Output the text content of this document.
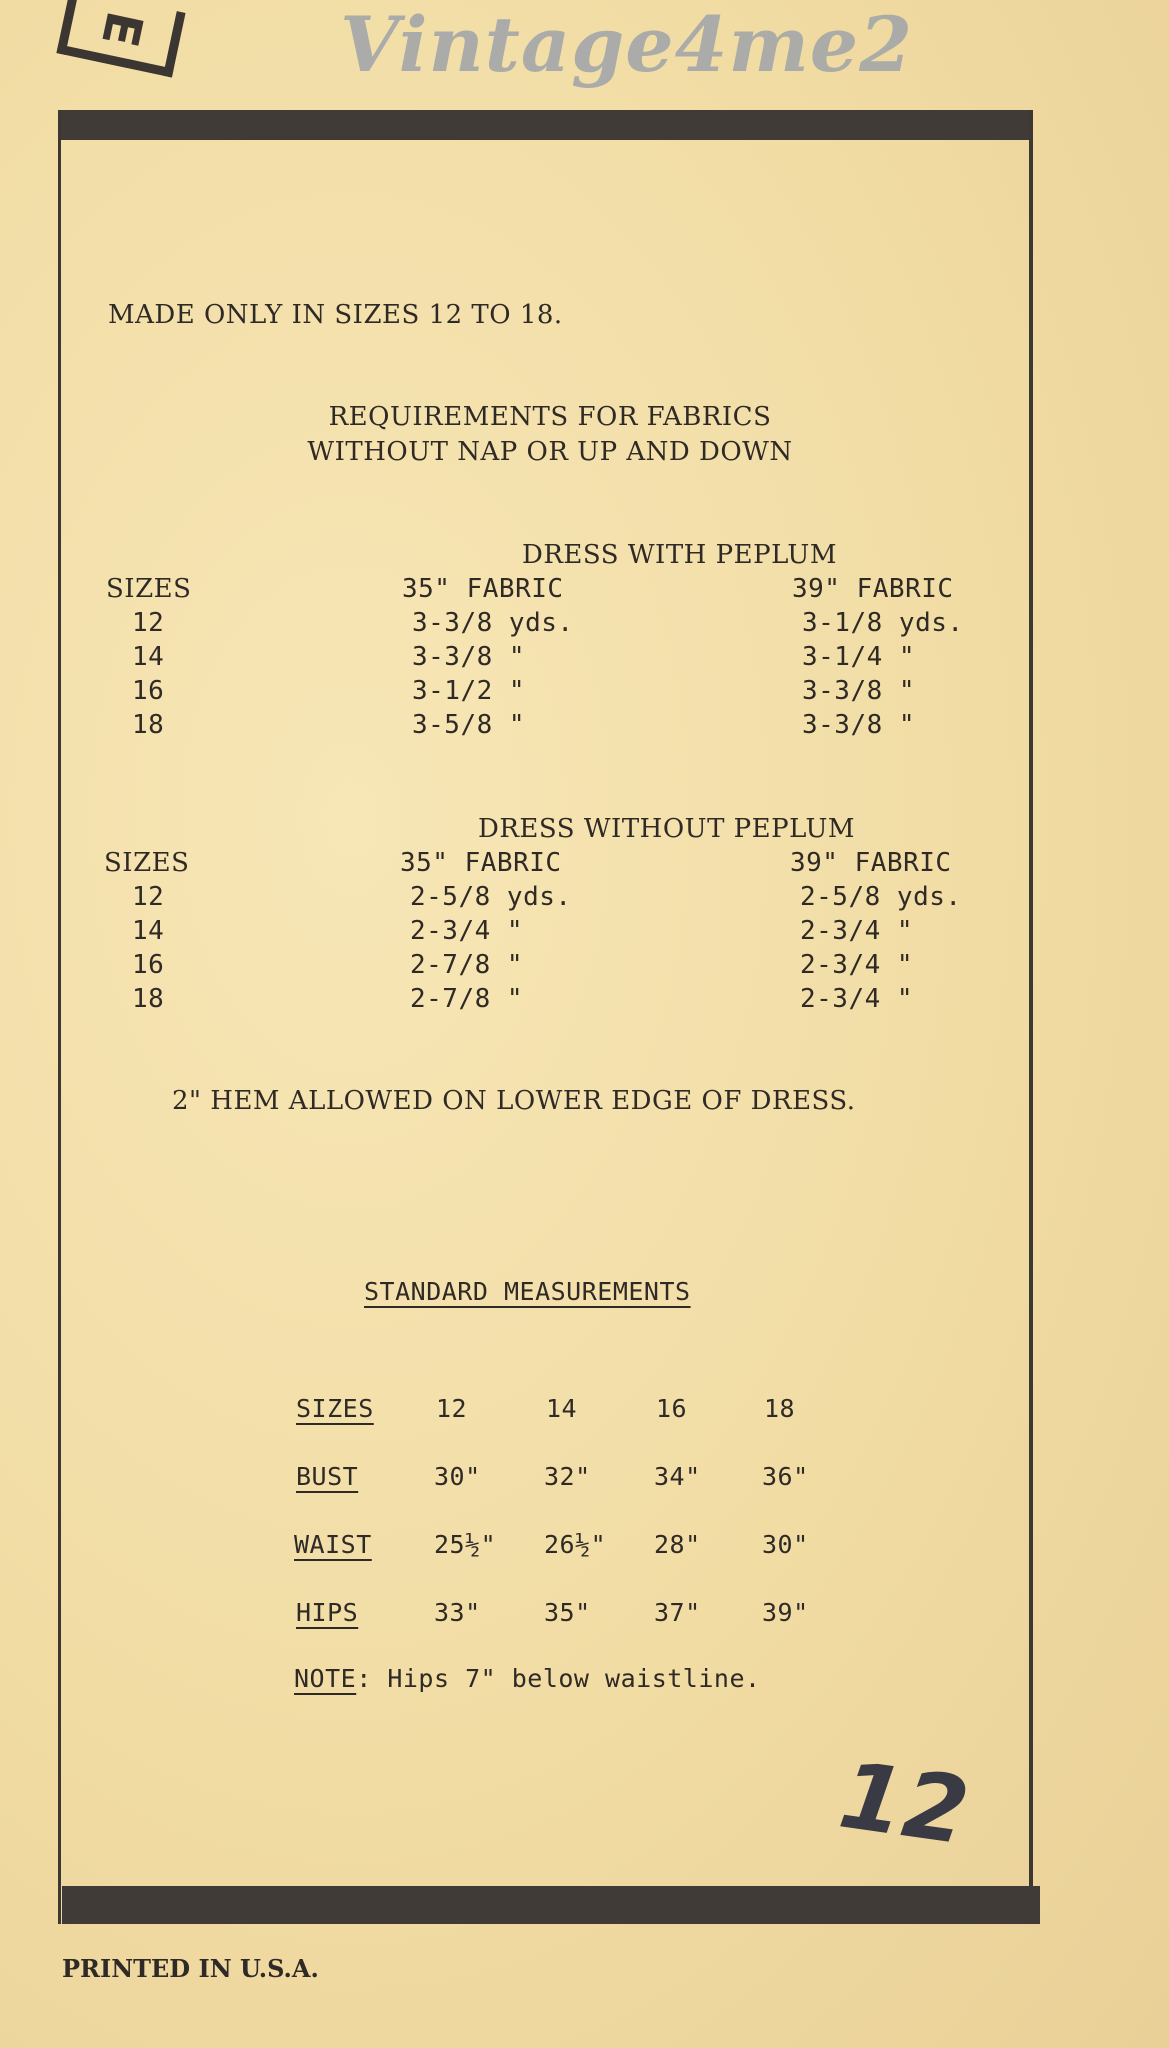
Vintage4me2
E
MADE ONLY IN SIZES 12 TO 18.
REQUIREMENTS FOR FABRICS
WITHOUT NAP OR UP AND DOWN
DRESS WITH PEPLUM
SIZES	35" FABRIC	39" FABRIC
12	3-3/8 yds.	3-1/8 yds.
14	3-3/8 "	3-1/4 "
16	3-1/2 "	3-3/8 "
18	3-5/8 "	3-3/8 "
DRESS WITHOUT PEPLUM
SIZES	35" FABRIC	39" FABRIC
12	2-5/8 yds.	2-5/8 yds.
14	2-3/4 "	2-3/4 "
16	2-7/8 "	2-3/4 "
18	2-7/8 "	2-3/4 "
2" HEM ALLOWED ON LOWER EDGE OF DRESS.
STANDARD MEASUREMENTS
SIZES 12	14	16	18
BUST	30"	32"	34" 36"
WAIST 25½" 26½" 28" 30"
HIPS	33"	35"	37" 39"
NOTE: Hips 7" below waistline.
12
PRINTED IN U.S.A.
